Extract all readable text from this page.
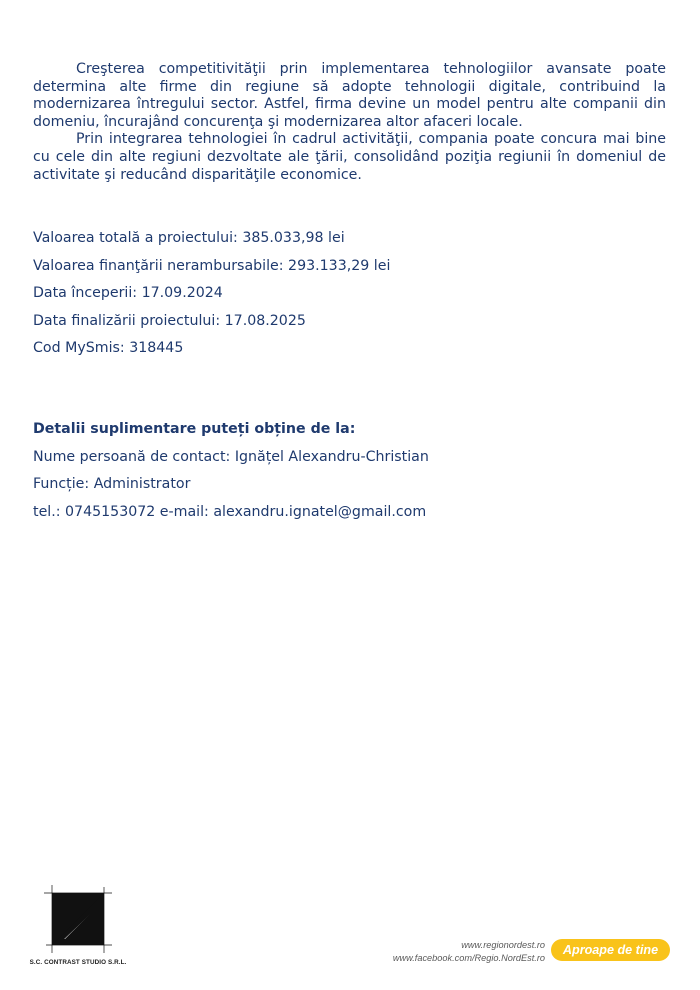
Creşterea competitivităţii prin implementarea tehnologiilor avansate poate determina alte firme din regiune să adopte tehnologii digitale, contribuind la modernizarea întregului sector. Astfel, firma devine un model pentru alte companii din domeniu, încurajând concurenţa şi modernizarea altor afaceri locale.

Prin integrarea tehnologiei în cadrul activităţii, compania poate concura mai bine cu cele din alte regiuni dezvoltate ale ţării, consolidând poziţia regiunii în domeniul de activitate şi reducând disparităţile economice.

Valoarea totală a proiectului: 385.033,98 lei
Valoarea finanţării nerambursabile: 293.133,29 lei
Data începerii: 17.09.2024
Data finalizării proiectului: 17.08.2025
Cod MySmis: 318445
Detalii suplimentare puteți obține de la:
Nume persoană de contact: Ignățel Alexandru-Christian
Funcție: Administrator
tel.: 0745153072 e-mail: alexandru.ignatel@gmail.com
S.C. CONTRAST STUDIO S.R.L.
www.regionordest.ro
www.facebook.com/Regio.NordEst.ro
Aproape de tine
